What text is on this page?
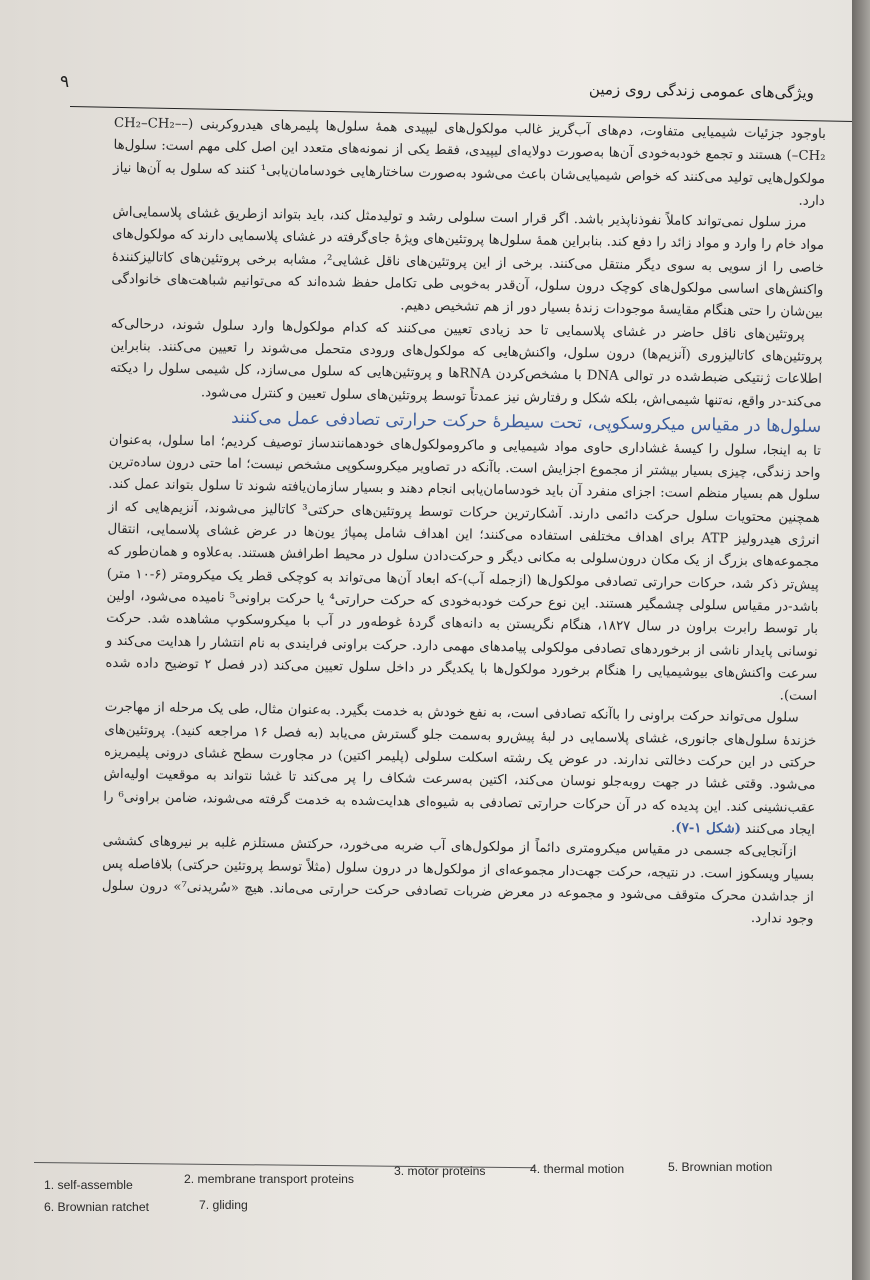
۹	ویژگی‌های عمومی زندگی روی زمین

باوجود جزئیات شیمیایی متفاوت، دم‌های آب‌گریز غالب مولکول‌های لیپیدی همهٔ سلول‌ها پلیمرهای هیدروکربنی (–CH₂–CH₂–CH₂–) هستند و تجمع خودبه‌خودی آن‌ها به‌صورت دولایه‌ای لیپیدی، فقط یکی از نمونه‌های متعدد این اصل کلی مهم است: سلول‌ها مولکول‌هایی تولید می‌کنند که خواص شیمیایی‌شان باعث می‌شود به‌صورت ساختارهایی خودسامان‌یابی¹ کنند که سلول به آن‌ها نیاز دارد.

مرز سلول نمی‌تواند کاملاً نفوذناپذیر باشد. اگر قرار است سلولی رشد و تولیدمثل کند، باید بتواند ازطریق غشای پلاسمایی‌اش مواد خام را وارد و مواد زائد را دفع کند. بنابراین همهٔ سلول‌ها پروتئین‌های ویژهٔ جای‌گرفته در غشای پلاسمایی دارند که مولکول‌های خاصی را از سویی به سوی دیگر منتقل می‌کنند. برخی از این پروتئین‌های ناقل غشایی²، مشابه برخی پروتئین‌های کاتالیزکنندهٔ واکنش‌های اساسی مولکول‌های کوچک درون سلول، آن‌قدر به‌خوبی طی تکامل حفظ شده‌اند که می‌توانیم شباهت‌های خانوادگی بین‌شان را حتی هنگام مقایسهٔ موجودات زندهٔ بسیار دور از هم تشخیص دهیم.

پروتئین‌های ناقل حاضر در غشای پلاسمایی تا حد زیادی تعیین می‌کنند که کدام مولکول‌ها وارد سلول شوند، درحالی‌که پروتئین‌های کاتالیزوری (آنزیم‌ها) درون سلول، واکنش‌هایی که مولکول‌های ورودی متحمل می‌شوند را تعیین می‌کنند. بنابراین اطلاعات ژنتیکی ضبط‌شده در توالی DNA با مشخص‌کردن RNAها و پروتئین‌هایی که سلول می‌سازد، کل شیمی سلول را دیکته می‌کند-در واقع، نه‌تنها شیمی‌اش، بلکه شکل و رفتارش نیز عمدتاً توسط پروتئین‌های سلول تعیین و کنترل می‌شود.

سلول‌ها در مقیاس میکروسکوپی، تحت سیطرهٔ حرکت حرارتی تصادفی عمل می‌کنند

تا به اینجا، سلول را کیسهٔ غشاداری حاوی مواد شیمیایی و ماکرومولکول‌های خودهمانندساز توصیف کردیم؛ اما سلول، به‌عنوان واحد زندگی، چیزی بسیار بیشتر از مجموع اجزایش است. باآنکه در تصاویر میکروسکوپی مشخص نیست؛ اما حتی درون ساده‌ترین سلول هم بسیار منظم است: اجزای منفرد آن باید خودسامان‌یابی انجام دهند و بسیار سازمان‌یافته شوند تا سلول بتواند عمل کند. همچنین محتویات سلول حرکت دائمی دارند. آشکارترین حرکات توسط پروتئین‌های حرکتی³ کاتالیز می‌شوند، آنزیم‌هایی که از انرژی هیدرولیز ATP برای اهداف مختلفی استفاده می‌کنند؛ این اهداف شامل پمپاژ یون‌ها در عرض غشای پلاسمایی، انتقال مجموعه‌های بزرگ از یک مکان درون‌سلولی به مکانی دیگر و حرکت‌دادن سلول در محیط اطرافش هستند. به‌علاوه و همان‌طور که پیش‌تر ذکر شد، حرکات حرارتی تصادفی مولکول‌ها (ازجمله آب)-که ابعاد آن‌ها می‌تواند به کوچکی قطر یک میکرومتر (۶-۱۰ متر) باشد-در مقیاس سلولی چشمگیر هستند. این نوع حرکت خودبه‌خودی که حرکت حرارتی⁴ یا حرکت براونی⁵ نامیده می‌شود، اولین بار توسط رابرت براون در سال ۱۸۲۷، هنگام نگریستن به دانه‌های گردهٔ غوطه‌ور در آب با میکروسکوپ مشاهده شد. حرکت نوسانی پایدار ناشی از برخوردهای تصادفی مولکولی پیامدهای مهمی دارد. حرکت براونی فرایندی به نام انتشار را هدایت می‌کند و سرعت واکنش‌های بیوشیمیایی را هنگام برخورد مولکول‌ها با یکدیگر در داخل سلول تعیین می‌کند (در فصل ۲ توضیح داده شده است).

سلول می‌تواند حرکت براونی را باآنکه تصادفی است، به نفع خودش به خدمت بگیرد. به‌عنوان مثال، طی یک مرحله از مهاجرت خزندهٔ سلول‌های جانوری، غشای پلاسمایی در لبهٔ پیش‌رو به‌سمت جلو گسترش می‌یابد (به فصل ۱۶ مراجعه کنید). پروتئین‌های حرکتی در این حرکت دخالتی ندارند. در عوض یک رشته اسکلت سلولی (پلیمر اکتین) در مجاورت سطح غشای درونی پلیمریزه می‌شود. وقتی غشا در جهت روبه‌جلو نوسان می‌کند، اکتین به‌سرعت شکاف را پر می‌کند تا غشا نتواند به موقعیت اولیه‌اش عقب‌نشینی کند. این پدیده که در آن حرکات حرارتی تصادفی به شیوه‌ای هدایت‌شده به خدمت گرفته می‌شوند، ضامن براونی⁶ را ایجاد می‌کنند (شکل ۱-۷).

ازآنجایی‌که جسمی در مقیاس میکرومتری دائماً از مولکول‌های آب ضربه می‌خورد، حرکتش مستلزم غلبه بر نیروهای کششی بسیار ویسکوز است. در نتیجه، حرکت جهت‌دار مجموعه‌ای از مولکول‌ها در درون سلول (مثلاً توسط پروتئین حرکتی) بلافاصله پس از جداشدن محرک متوقف می‌شود و مجموعه در معرض ضربات تصادفی حرکت حرارتی می‌ماند. هیچ «سُریدنی⁷» درون سلول وجود ندارد.

1. self-assemble	2. membrane transport proteins
3. motor proteins	4. thermal motion	5. Brownian motion
6. Brownian ratchet	7. gliding
